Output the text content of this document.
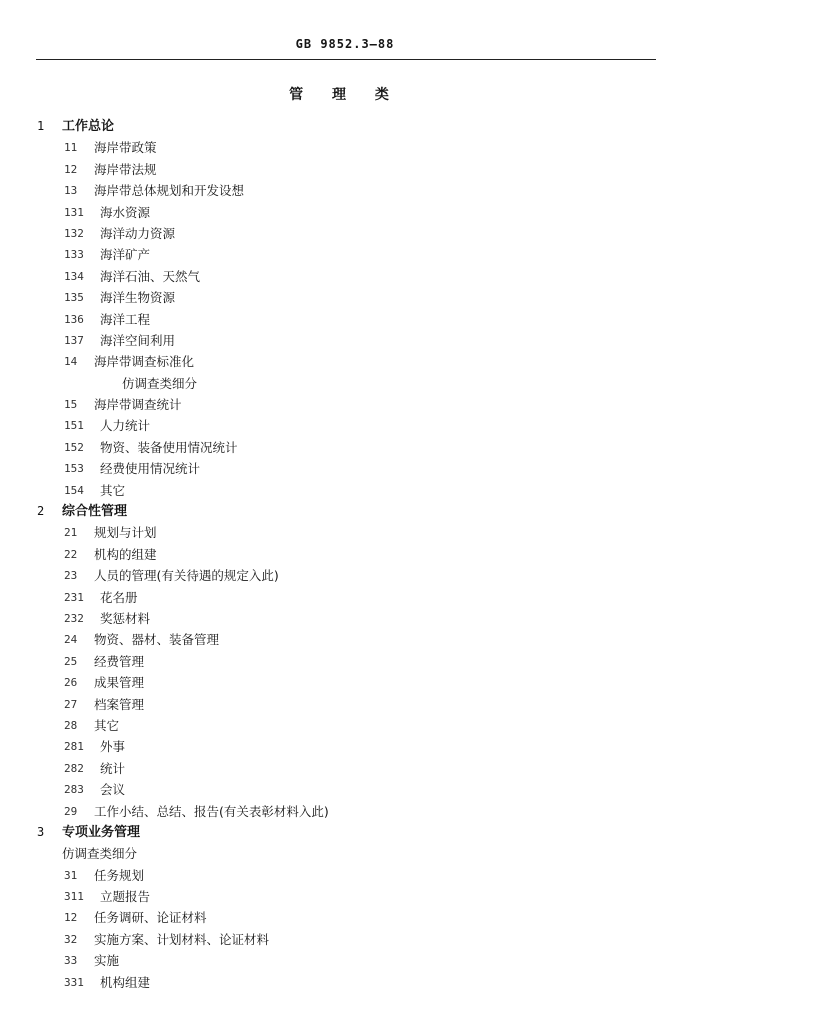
GB 9852.3—88
管 理 类
1 工作总论
11 海岸带政策
12 海岸带法规
13 海岸带总体规划和开发设想
131 海水资源
132 海洋动力资源
133 海洋矿产
134 海洋石油、天然气
135 海洋生物资源
136 海洋工程
137 海洋空间利用
14 海岸带调查标准化
仿调查类细分
15 海岸带调查统计
151 人力统计
152 物资、装备使用情况统计
153 经费使用情况统计
154 其它
2 综合性管理
21 规划与计划
22 机构的组建
23 人员的管理(有关待遇的规定入此)
231 花名册
232 奖惩材料
24 物资、器材、装备管理
25 经费管理
26 成果管理
27 档案管理
28 其它
281 外事
282 统计
283 会议
29 工作小结、总结、报告(有关表彰材料入此)
3 专项业务管理
仿调查类细分
31 任务规划
311 立题报告
12 任务调研、论证材料
32 实施方案、计划材料、论证材料
33 实施
331 机构组建
